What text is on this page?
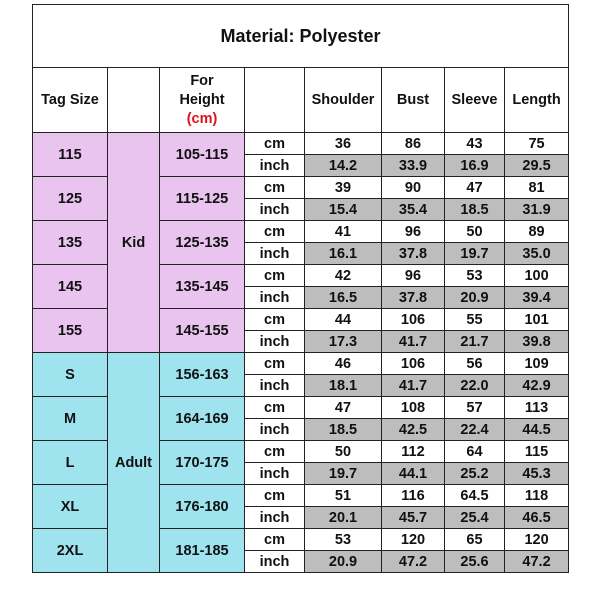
Material: Polyester							
Tag Size		For
Height
(cm)		Shoulder	Bust	Sleeve	Length
115	Kid	105-115	cm	36	86	43	75
			inch	14.2	33.9	16.9	29.5
125		115-125	cm	39	90	47	81
			inch	15.4	35.4	18.5	31.9
135		125-135	cm	41	96	50	89
			inch	16.1	37.8	19.7	35.0
145		135-145	cm	42	96	53	100
			inch	16.5	37.8	20.9	39.4
155		145-155	cm	44	106	55	101
			inch	17.3	41.7	21.7	39.8
S	Adult	156-163	cm	46	106	56	109
			inch	18.1	41.7	22.0	42.9
M		164-169	cm	47	108	57	113
			inch	18.5	42.5	22.4	44.5
L		170-175	cm	50	112	64	115
			inch	19.7	44.1	25.2	45.3
XL		176-180	cm	51	116	64.5	118
			inch	20.1	45.7	25.4	46.5
2XL		181-185	cm	53	120	65	120
			inch	20.9	47.2	25.6	47.2
